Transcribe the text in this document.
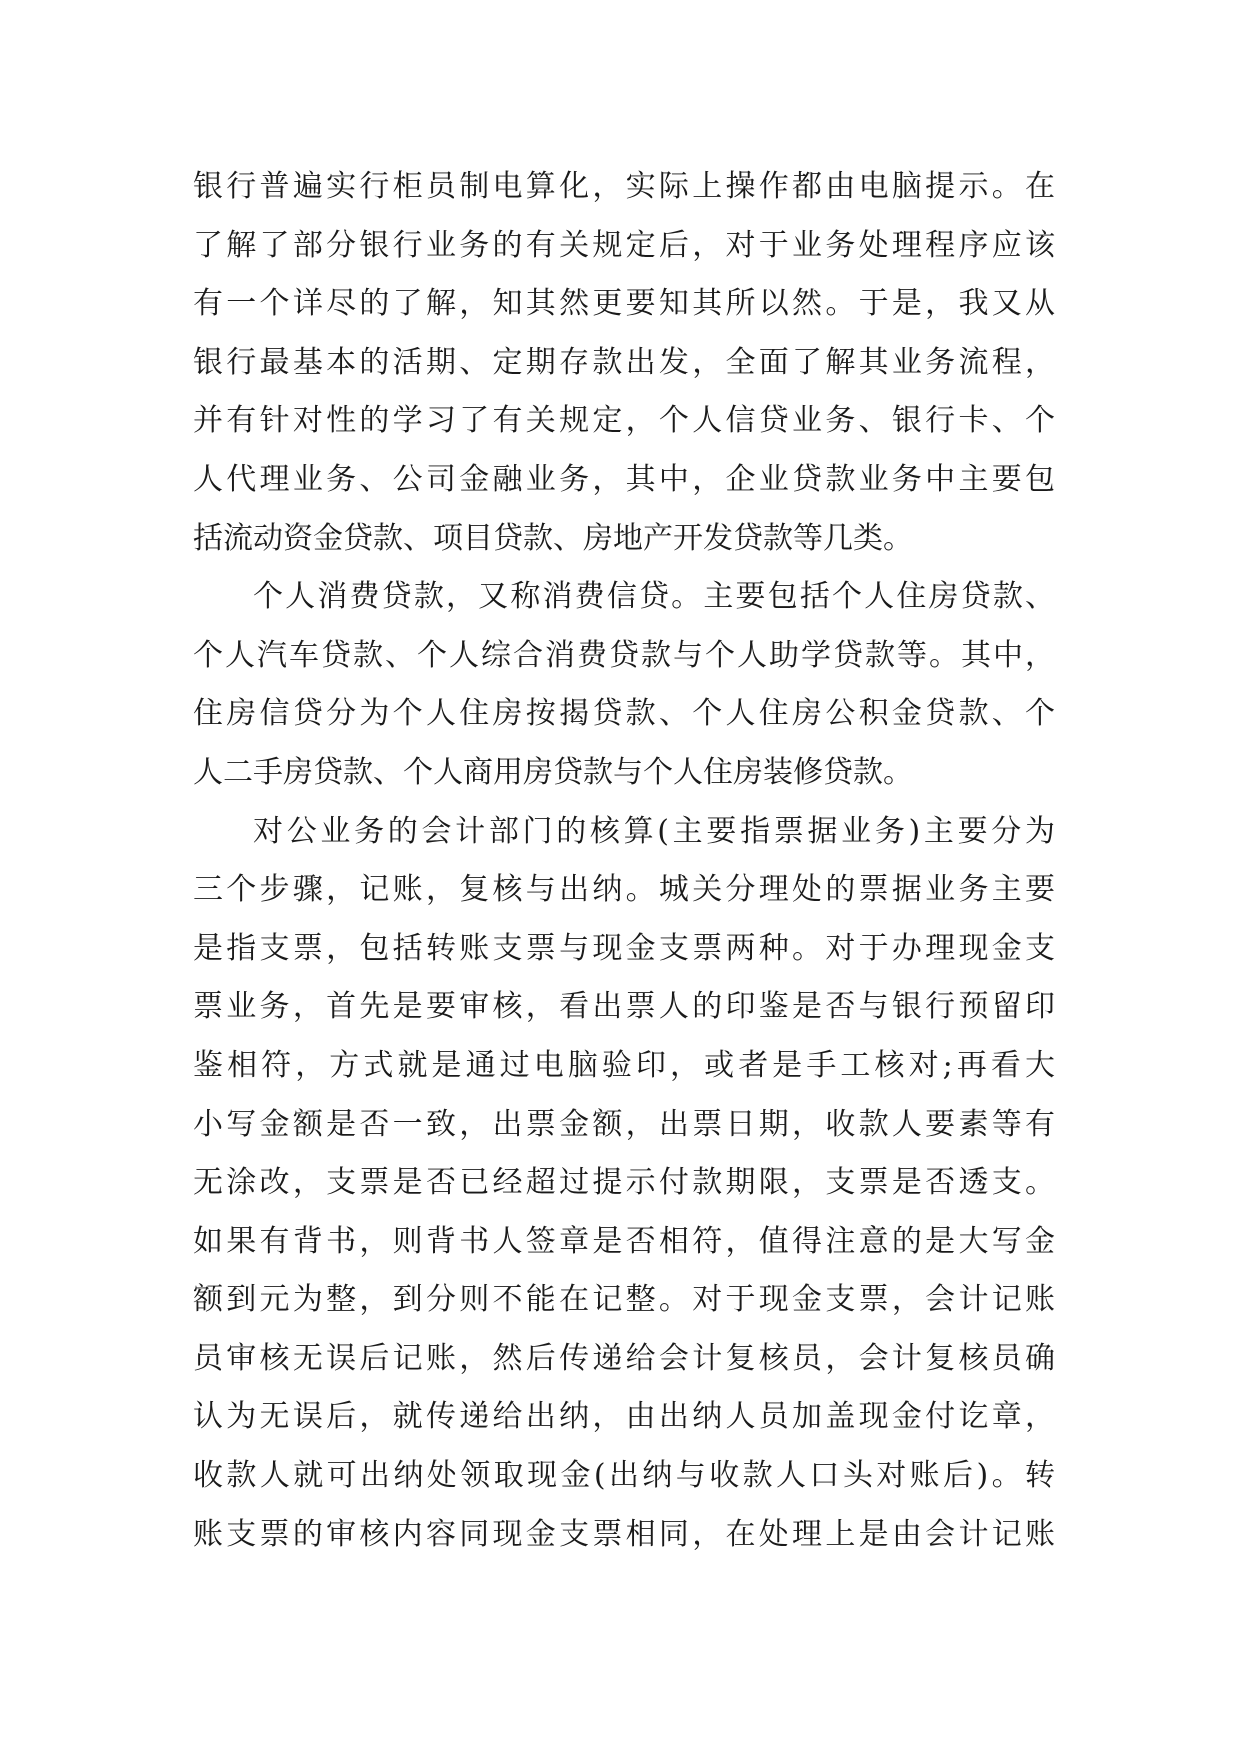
银行普遍实行柜员制电算化，实际上操作都由电脑提示。在
了解了部分银行业务的有关规定后，对于业务处理程序应该
有一个详尽的了解，知其然更要知其所以然。于是，我又从
银行最基本的活期、定期存款出发，全面了解其业务流程，
并有针对性的学习了有关规定，个人信贷业务、银行卡、个
人代理业务、公司金融业务，其中，企业贷款业务中主要包
括流动资金贷款、项目贷款、房地产开发贷款等几类。
个人消费贷款，又称消费信贷。主要包括个人住房贷款、
个人汽车贷款、个人综合消费贷款与个人助学贷款等。其中，
住房信贷分为个人住房按揭贷款、个人住房公积金贷款、个
人二手房贷款、个人商用房贷款与个人住房装修贷款。
对公业务的会计部门的核算(主要指票据业务)主要分为
三个步骤，记账，复核与出纳。城关分理处的票据业务主要
是指支票，包括转账支票与现金支票两种。对于办理现金支
票业务，首先是要审核，看出票人的印鉴是否与银行预留印
鉴相符，方式就是通过电脑验印，或者是手工核对;再看大
小写金额是否一致，出票金额，出票日期，收款人要素等有
无涂改，支票是否已经超过提示付款期限，支票是否透支。
如果有背书，则背书人签章是否相符，值得注意的是大写金
额到元为整，到分则不能在记整。对于现金支票，会计记账
员审核无误后记账，然后传递给会计复核员，会计复核员确
认为无误后，就传递给出纳，由出纳人员加盖现金付讫章，
收款人就可出纳处领取现金(出纳与收款人口头对账后)。转
账支票的审核内容同现金支票相同，在处理上是由会计记账
